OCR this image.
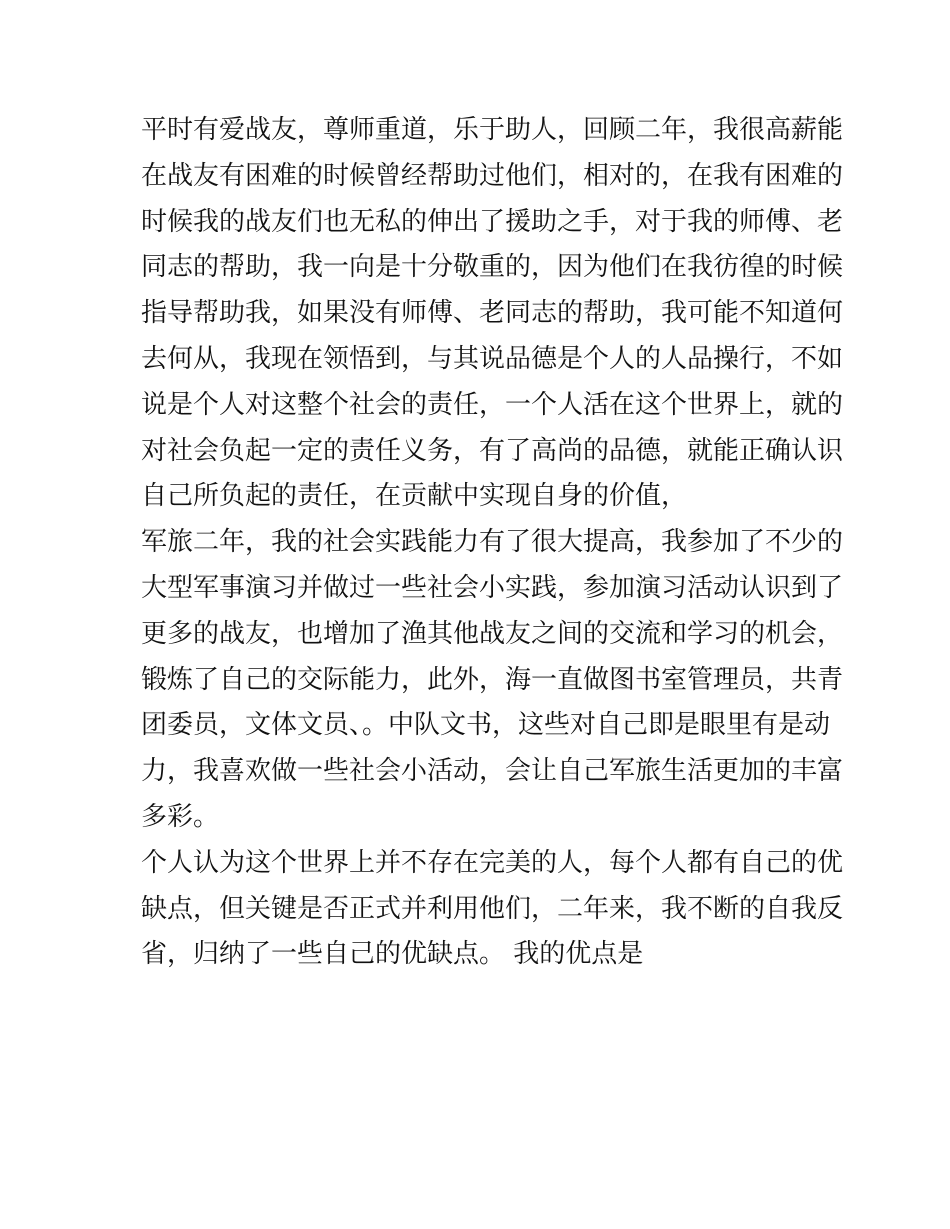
平时有爱战友，尊师重道，乐于助人，回顾二年，我很高薪能
在战友有困难的时候曾经帮助过他们，相对的，在我有困难的
时候我的战友们也无私的伸出了援助之手，对于我的师傅、老
同志的帮助，我一向是十分敬重的，因为他们在我彷徨的时候
指导帮助我，如果没有师傅、老同志的帮助，我可能不知道何
去何从，我现在领悟到，与其说品德是个人的人品操行，不如
说是个人对这整个社会的责任，一个人活在这个世界上，就的
对社会负起一定的责任义务，有了高尚的品德，就能正确认识
自己所负起的责任，在贡献中实现自身的价值，
军旅二年，我的社会实践能力有了很大提高，我参加了不少的
大型军事演习并做过一些社会小实践，参加演习活动认识到了
更多的战友，也增加了渔其他战友之间的交流和学习的机会，
锻炼了自己的交际能力，此外，海一直做图书室管理员，共青
团委员，文体文员、。中队文书，这些对自己即是眼里有是动
力，我喜欢做一些社会小活动，会让自己军旅生活更加的丰富
多彩。
个人认为这个世界上并不存在完美的人，每个人都有自己的优
缺点，但关键是否正式并利用他们，二年来，我不断的自我反
省，归纳了一些自己的优缺点。 我的优点是
